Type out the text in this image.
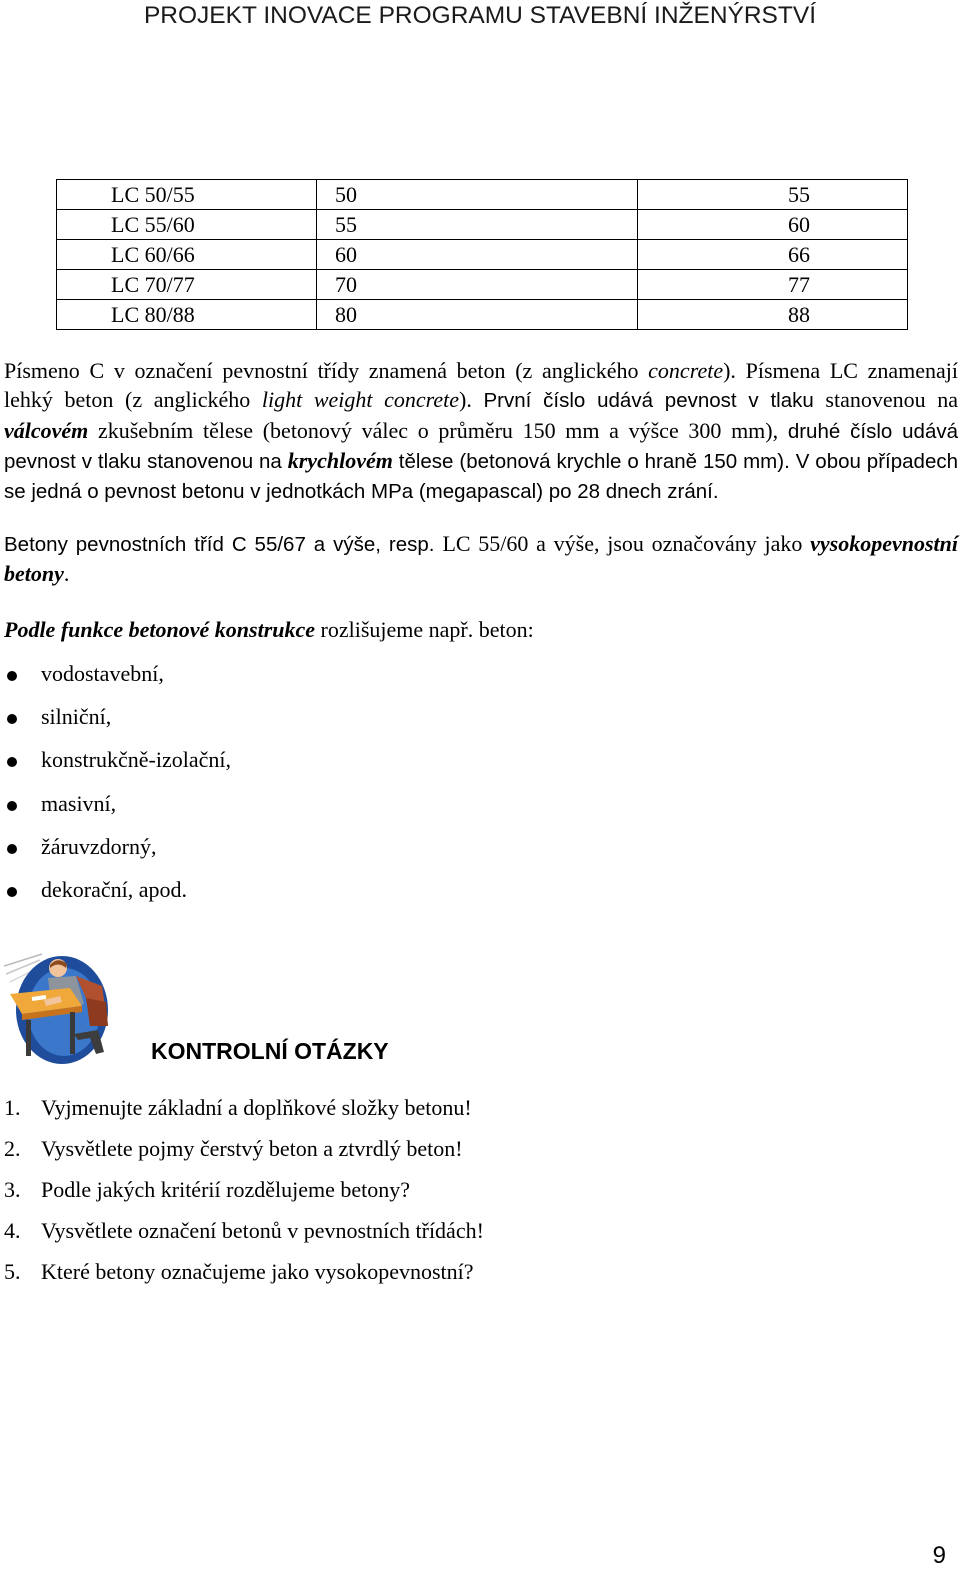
PROJEKT INOVACE PROGRAMU STAVEBNÍ INŽENÝRSTVÍ
LC 50/55	50	55
LC 55/60	55	60
LC 60/66	60	66
LC 70/77	70	77
LC 80/88	80	88

Písmeno C v označení pevnostní třídy znamená beton (z anglického concrete). Písmena LC znamenají lehký beton (z anglického light weight concrete). První číslo udává pevnost v tlaku stanovenou na válcovém zkušebním tělese (betonový válec o průměru 150 mm a výšce 300 mm), druhé číslo udává pevnost v tlaku stanovenou na krychlovém tělese (betonová krychle o hraně 150 mm). V obou případech se jedná o pevnost betonu v jednotkách MPa (megapascal) po 28 dnech zrání.

Betony pevnostních tříd C 55/67 a výše, resp. LC 55/60 a výše, jsou označovány jako vysokopevnostní betony.

Podle funkce betonové konstrukce rozlišujeme např. beton:

vodostavební,
silniční,
konstrukčně-izolační,
masivní,
žáruvzdorný,
dekorační, apod.
KONTROLNÍ OTÁZKY
1. Vyjmenujte základní a doplňkové složky betonu!
2. Vysvětlete pojmy čerstvý beton a ztvrdlý beton!
3. Podle jakých kritérií rozdělujeme betony?
4. Vysvětlete označení betonů v pevnostních třídách!
5. Které betony označujeme jako vysokopevnostní?
9
